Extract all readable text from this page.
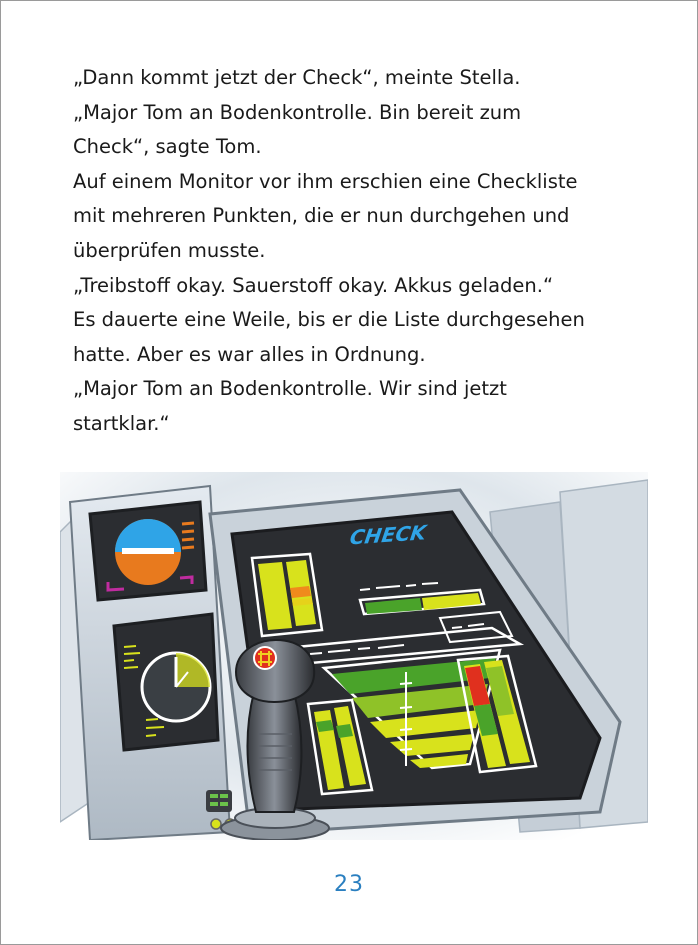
„Dann kommt jetzt der Check“, meinte Stella.

„Major Tom an Bodenkontrolle. Bin bereit zum

Check“, sagte Tom.

Auf einem Monitor vor ihm erschien eine Checkliste

mit mehreren Punkten, die er nun durchgehen und

überprüfen musste.

„Treibstoff okay. Sauerstoff okay. Akkus geladen.“

Es dauerte eine Weile, bis er die Liste durchgesehen

hatte. Aber es war alles in Ordnung.

„Major Tom an Bodenkontrolle. Wir sind jetzt

startklar.“

CHECK
23
